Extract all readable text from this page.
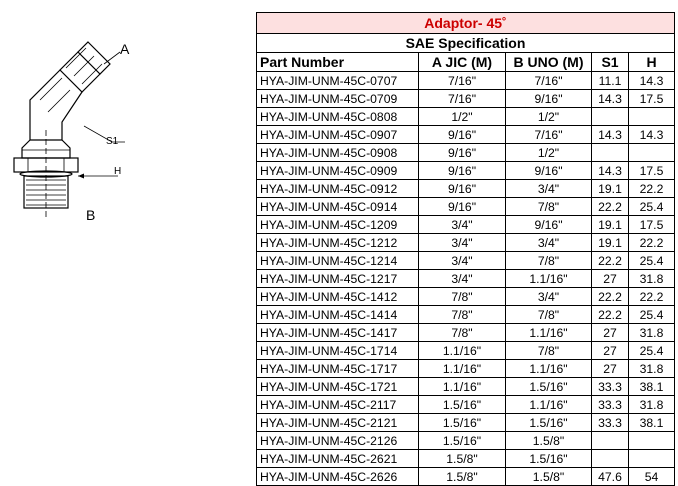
A
S1
H
B
Adaptor- 45˚				
SAE Specification				
Part Number	A JIC (M)	B UNO (M)	S1	H
HYA-JIM-UNM-45C-0707	7/16"	7/16"	11.1	14.3
HYA-JIM-UNM-45C-0709	7/16"	9/16"	14.3	17.5
HYA-JIM-UNM-45C-0808	1/2"	1/2"		
HYA-JIM-UNM-45C-0907	9/16"	7/16"	14.3	14.3
HYA-JIM-UNM-45C-0908	9/16"	1/2"		
HYA-JIM-UNM-45C-0909	9/16"	9/16"	14.3	17.5
HYA-JIM-UNM-45C-0912	9/16"	3/4"	19.1	22.2
HYA-JIM-UNM-45C-0914	9/16"	7/8"	22.2	25.4
HYA-JIM-UNM-45C-1209	3/4"	9/16"	19.1	17.5
HYA-JIM-UNM-45C-1212	3/4"	3/4"	19.1	22.2
HYA-JIM-UNM-45C-1214	3/4"	7/8"	22.2	25.4
HYA-JIM-UNM-45C-1217	3/4"	1.1/16"	27	31.8
HYA-JIM-UNM-45C-1412	7/8"	3/4"	22.2	22.2
HYA-JIM-UNM-45C-1414	7/8"	7/8"	22.2	25.4
HYA-JIM-UNM-45C-1417	7/8"	1.1/16"	27	31.8
HYA-JIM-UNM-45C-1714	1.1/16"	7/8"	27	25.4
HYA-JIM-UNM-45C-1717	1.1/16"	1.1/16"	27	31.8
HYA-JIM-UNM-45C-1721	1.1/16"	1.5/16"	33.3	38.1
HYA-JIM-UNM-45C-2117	1.5/16"	1.1/16"	33.3	31.8
HYA-JIM-UNM-45C-2121	1.5/16"	1.5/16"	33.3	38.1
HYA-JIM-UNM-45C-2126	1.5/16"	1.5/8"		
HYA-JIM-UNM-45C-2621	1.5/8"	1.5/16"		
HYA-JIM-UNM-45C-2626	1.5/8"	1.5/8"	47.6	54
